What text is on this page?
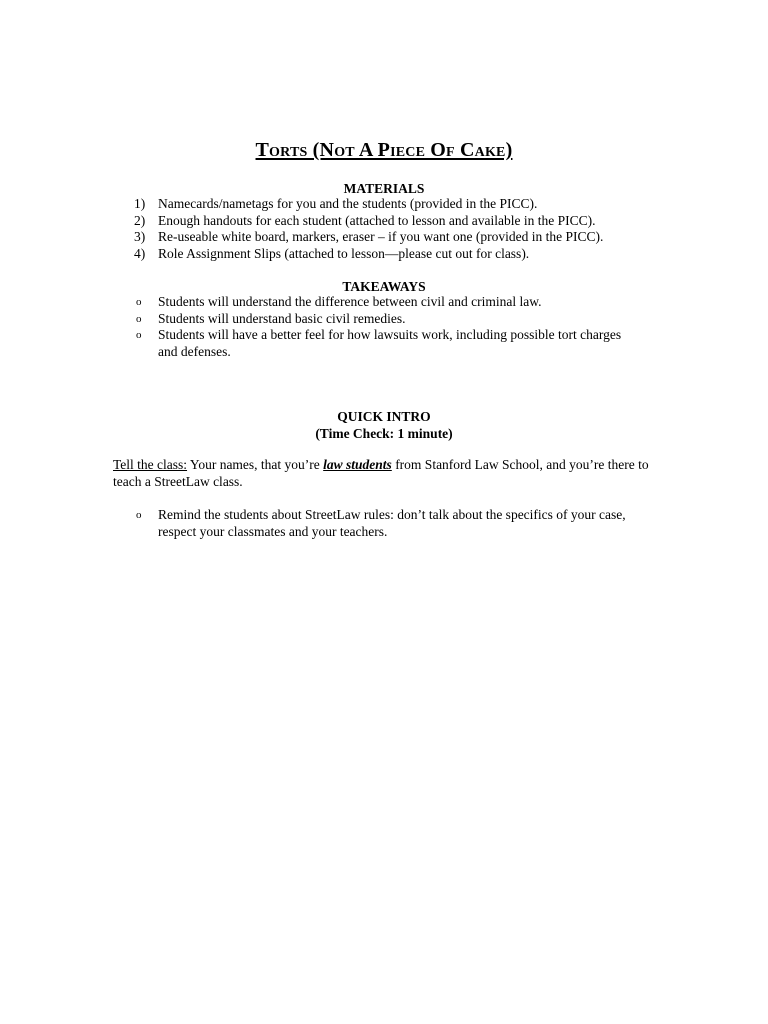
Torts (Not A Piece Of Cake)
MATERIALS
1) Namecards/nametags for you and the students (provided in the PICC).
2) Enough handouts for each student (attached to lesson and available in the PICC).
3) Re-useable white board, markers, eraser – if you want one (provided in the PICC).
4) Role Assignment Slips (attached to lesson—please cut out for class).
TAKEAWAYS
o	Students will understand the difference between civil and criminal law.
o	Students will understand basic civil remedies.
o	Students will have a better feel for how lawsuits work, including possible tort charges and defenses.
QUICK INTRO
(Time Check: 1 minute)

Tell the class: Your names, that you’re law students from Stanford Law School, and you’re there to teach a StreetLaw class.

o	Remind the students about StreetLaw rules: don’t talk about the specifics of your case, respect your classmates and your teachers.
